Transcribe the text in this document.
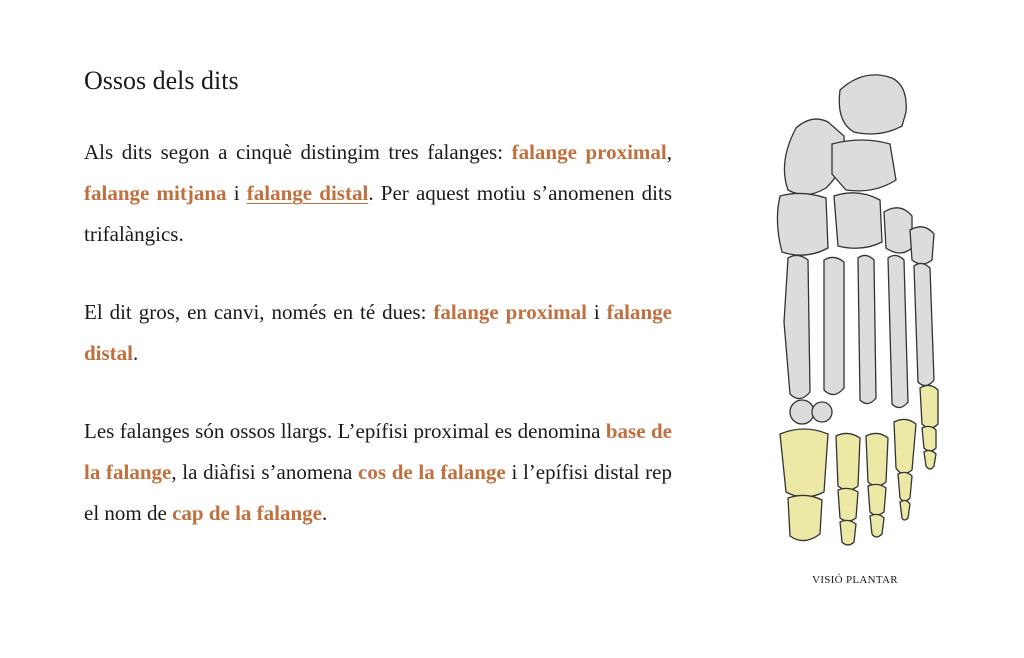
Ossos dels dits

Als dits segon a cinquè distingim tres falanges: falange proximal, falange mitjana i falange distal. Per aquest motiu s’anomenen dits trifalàngics.

El dit gros, en canvi, només en té dues: falange proximal i falange distal.

Les falanges són ossos llargs. L’epífisi proximal es denomina base de la falange, la diàfisi s’anomena cos de la falange i l’epífisi distal rep el nom de cap de la falange.

VISIÓ PLANTAR
